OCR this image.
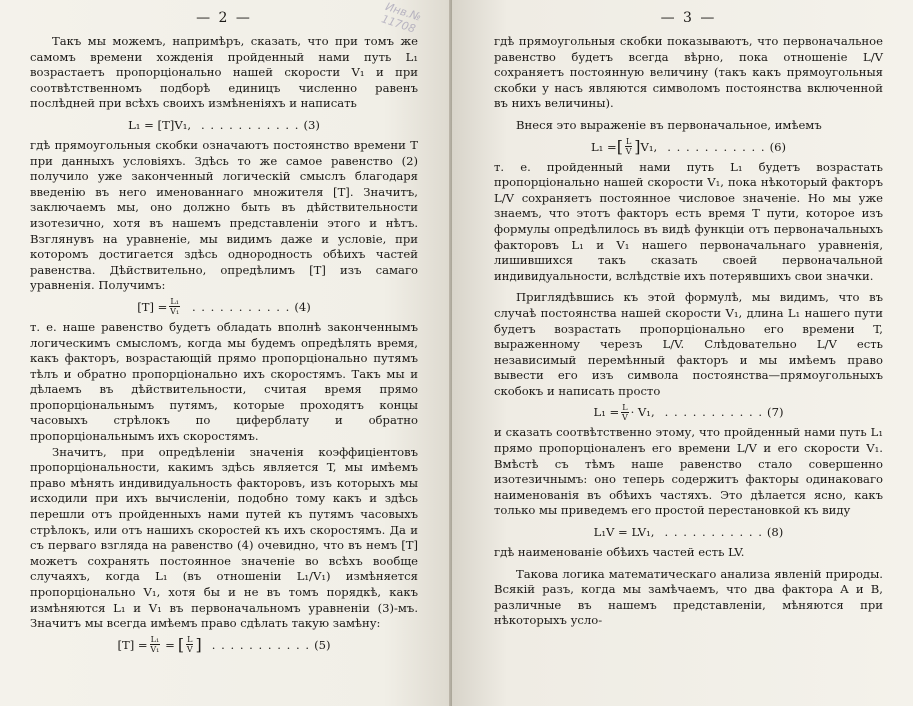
Инв.№ 11708
— 2 —

Такъ мы можемъ, напримѣръ, сказать, что при томъ же самомъ времени хожденія пройденный нами путь L₁ возрастаетъ пропорціонально нашей скорости V₁ и при соотвѣтственномъ подборѣ единицъ численно равенъ послѣдней при всѣхъ своихъ измѣненіяхъ и написать

L₁ = [T]V₁, . . . . . . . . . . . (3)

гдѣ прямоугольныя скобки означаютъ постоянство времени T при данныхъ условіяхъ. Здѣсь то же самое равенство (2) получило уже законченный логическій смыслъ благодаря введенію въ него именованнаго множителя [T]. Значитъ, заключаемъ мы, оно должно быть въ дѣйствительности изотезично, хотя въ нашемъ представленіи этого и нѣтъ. Взглянувъ на уравненіе, мы видимъ даже и условіе, при которомъ достигается здѣсь однородность обѣихъ частей равенства. Дѣйствительно, опредѣлимъ [T] изъ самаго уравненія. Получимъ:

$[T] = \frac{\text{L₁}}{\text{V₁}}$ . . . . . . . . . . . (4)

т. е. наше равенство будетъ обладать вполнѣ законченнымъ логическимъ смысломъ, когда мы будемъ опредѣлять время, какъ факторъ, возрастающій прямо пропорціонально путямъ тѣлъ и обратно пропорціонально ихъ скоростямъ. Такъ мы и дѣлаемъ въ дѣйствительности, считая время прямо пропорціональнымъ путямъ, которые проходятъ концы часовыхъ стрѣлокъ по циферблату и обратно пропорціональнымъ ихъ скоростямъ.

Значитъ, при опредѣленіи значенія коэффиціентовъ пропорціональности, какимъ здѣсь является T, мы имѣемъ право мѣнять индивидуальность факторовъ, изъ которыхъ мы исходили при ихъ вычисленіи, подобно тому какъ и здѣсь перешли отъ пройденныхъ нами путей къ путямъ часовыхъ стрѣлокъ, или отъ нашихъ скоростей къ ихъ скоростямъ. Да и съ перваго взгляда на равенство (4) очевидно, что въ немъ [T] можетъ сохранять постоянное значеніе во всѣхъ вообще случаяхъ, когда L₁ (въ отношеніи L₁/V₁) измѣняется пропорціонально V₁, хотя бы и не въ томъ порядкѣ, какъ измѣняются L₁ и V₁ въ первоначальномъ уравненіи (3)-мъ. Значитъ мы всегда имѣемъ право сдѣлать такую замѣну:

$[T] = \frac{\text{L₁}}{\text{V₁}}$ = [ $\frac{L}{V}$ ] . . . . . . . . . . . (5)
— 3 —

гдѣ прямоугольныя скобки показываютъ, что первоначальное равенство будетъ всегда вѣрно, пока отношеніе L/V сохраняетъ постоянную величину (такъ какъ прямоугольныя скобки у насъ являются символомъ постоянства включенной въ нихъ величины).

Внеся это выраженіе въ первоначальное, имѣемъ

L₁ = [ $\frac{L}{V}$ ] V₁, . . . . . . . . . . . (6)

т. е. пройденный нами путь L₁ будетъ возрастать пропорціонально нашей скорости V₁, пока нѣкоторый факторъ L/V сохраняетъ постоянное числовое значеніе. Но мы уже знаемъ, что этотъ факторъ есть время T пути, которое изъ формулы опредѣлилось въ видѣ функціи отъ первоначальныхъ факторовъ L₁ и V₁ нашего первоначальнаго уравненія, лишившихся такъ сказать своей первоначальной индивидуальности, вслѣдствіе ихъ потерявшихъ свои значки.

Приглядѣвшись къ этой формулѣ, мы видимъ, что въ случаѣ постоянства нашей скорости V₁, длина L₁ нашего пути будетъ возрастать пропорціонально его времени T, выраженному черезъ L/V. Слѣдовательно L/V есть независимый перемѣнный факторъ и мы имѣемъ право вывести его изъ символа постоянства—прямоугольныхъ скобокъ и написать просто

$L_1 = \frac{L}{V} \cdot V_1$, . . . . . . . . . . . (7)

и сказать соотвѣтственно этому, что пройденный нами путь L₁ прямо пропорціоналенъ его времени L/V и его скорости V₁. Вмѣстѣ съ тѣмъ наше равенство стало совершенно изотезичнымъ: оно теперь содержитъ факторы одинаковаго наименованія въ обѣихъ частяхъ. Это дѣлается ясно, какъ только мы приведемъ его простой перестановкой къ виду

L₁V = LV₁, . . . . . . . . . . . (8)

гдѣ наименованіе обѣихъ частей есть LV.

Такова логика математическаго анализа явленій природы. Всякій разъ, когда мы замѣчаемъ, что два фактора A и B, различные въ нашемъ представленіи, мѣняются при нѣкоторыхъ усло-
